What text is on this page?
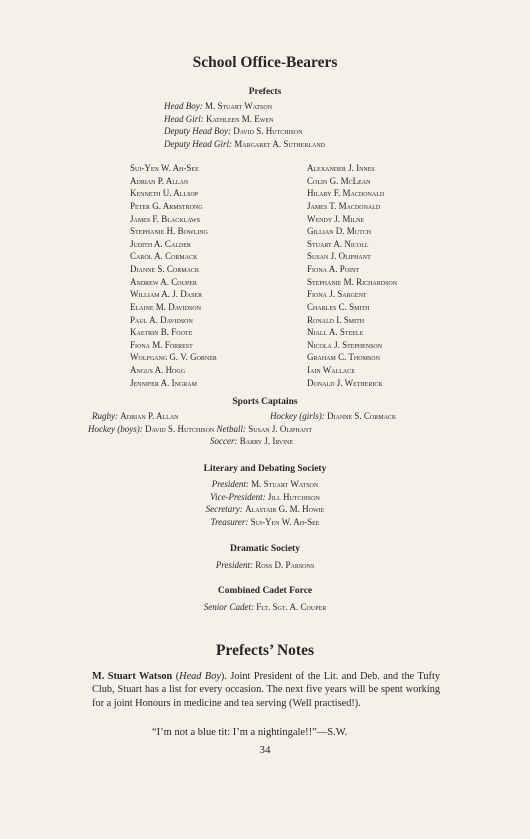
School Office-Bearers
Prefects
Head Boy: M. Stuart Watson
Head Girl: Kathleen M. Ewen
Deputy Head Boy: David S. Hutchison
Deputy Head Girl: Margaret A. Sutherland
Sui-Yen W. Ah-See
Adrian P. Allan
Kenneth U. Allsop
Peter G. Armstrong
James F. Blacklaws
Stephanie H. Bowling
Judith A. Calder
Carol A. Cormack
Dianne S. Cormack
Andrew A. Couper
William A. J. Daser
Elaine M. Davidson
Paul A. Davidson
Kaetrin B. Foote
Fiona M. Forrest
Wolfgang G. V. Gorner
Angus A. Hogg
Jennifer A. Ingram
Alexander J. Innes
Colin G. McLean
Hilary F. Macdonald
James T. Macdonald
Wendy J. Milne
Gillian D. Mutch
Stuart A. Nicoll
Susan J. Oliphant
Fiona A. Point
Stephanie M. Richardson
Fiona J. Sargent
Charles C. Smith
Ronald I. Smith
Niall A. Steele
Nicola J. Stephenson
Graham C. Thomson
Iain Wallace
Donald J. Wetherick
Sports Captains
Rugby: Adrian P. Allan	Hockey (girls): Dianne S. Cormack
Hockey (boys): David S. Hutchison Netball: Susan J. Oliphant
Soccer: Barry J. Irvine
Literary and Debating Society
President: M. Stuart Watson
Vice-President: Jill Hutchison
Secretary: Alastair G. M. Howie
Treasurer: Sui-Yen W. Ah-See
Dramatic Society
President: Ross D. Parsons
Combined Cadet Force
Senior Cadet: Flt. Sgt. A. Couper
Prefects’ Notes
M. Stuart Watson (Head Boy). Joint President of the Lit. and Deb. and the Tufty Club, Stuart has a list for every occasion. The next five years will be spent working for a joint Honours in medicine and tea serving (Well practised!).
“I’m not a blue tit: I’m a nightingale!!”—S.W.
34
